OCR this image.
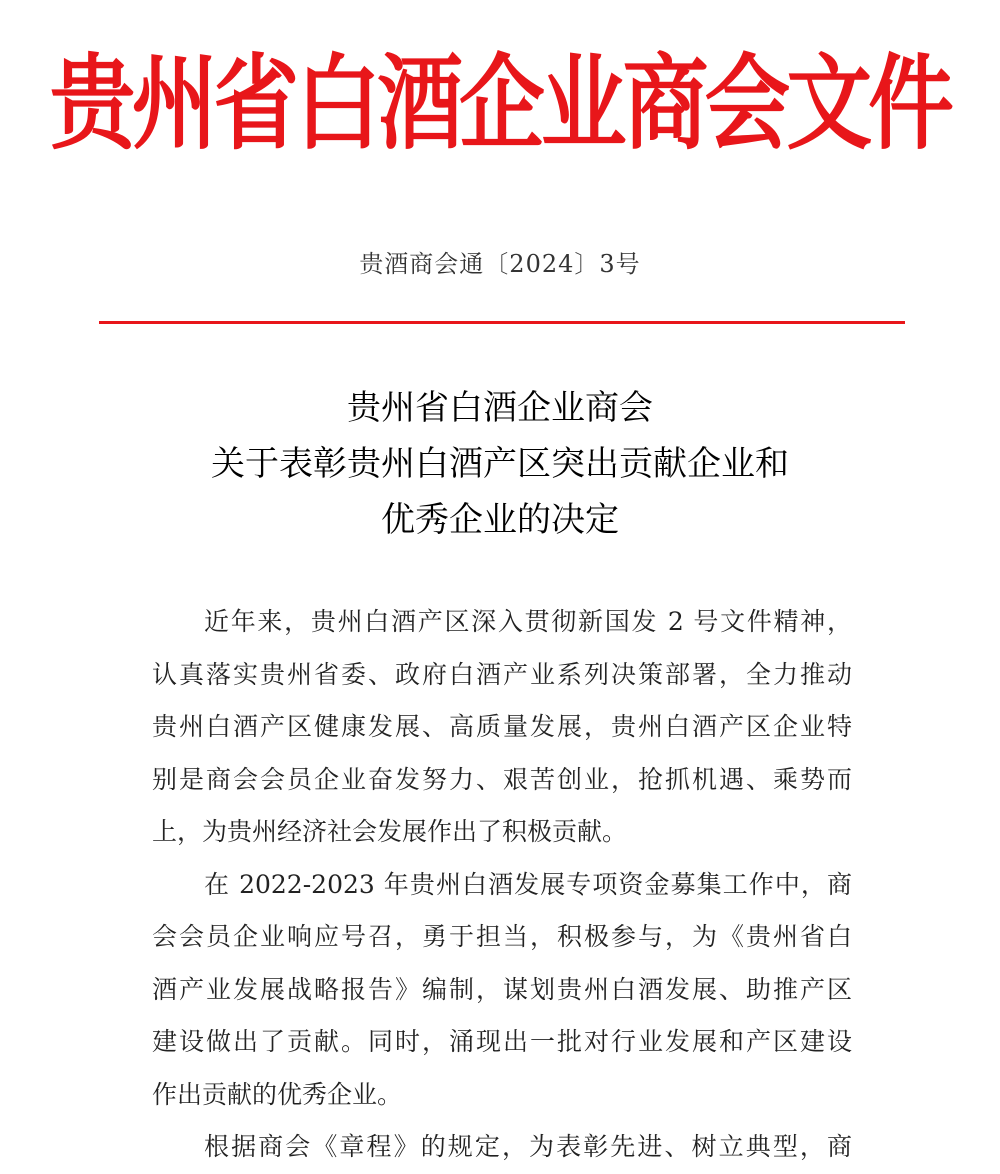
贵州省白酒企业商会文件
贵酒商会通〔2024〕3号
贵州省白酒企业商会
关于表彰贵州白酒产区突出贡献企业和
优秀企业的决定
近年来，贵州白酒产区深入贯彻新国发 2 号文件精神，
认真落实贵州省委、政府白酒产业系列决策部署，全力推动
贵州白酒产区健康发展、高质量发展，贵州白酒产区企业特
别是商会会员企业奋发努力、艰苦创业，抢抓机遇、乘势而
上，为贵州经济社会发展作出了积极贡献。
在 2022-2023 年贵州白酒发展专项资金募集工作中，商
会会员企业响应号召，勇于担当，积极参与，为《贵州省白
酒产业发展战略报告》编制，谋划贵州白酒发展、助推产区
建设做出了贡献。同时，涌现出一批对行业发展和产区建设
作出贡献的优秀企业。
根据商会《章程》的规定，为表彰先进、树立典型，商
